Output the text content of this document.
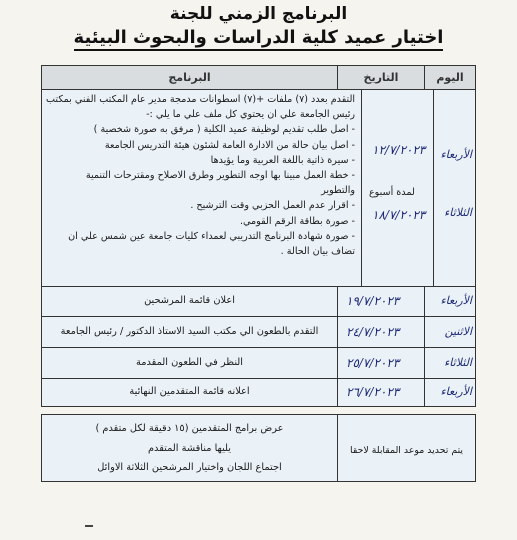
البرنامج الزمني للجنة
اختيار عميد كلية الدراسات والبحوث البيئية
اليوم
التاريخ
البرنامج
الأربعاء
الثلاثاء
١٢/٧/٢٠٢٣
لمدة أسبوع
١٨/٧/٢٠٢٣
التقدم بعدد (٧) ملفات +(٧) اسطوانات مدمجة مدير عام المكتب الفني بمكتب
رئيس الجامعة علي ان يحتوي كل ملف علي ما يلي :-
- اصل طلب تقديم لوظيفة عميد الكلية ( مرفق به صورة شخصية )
- اصل بيان حالة من الادارة العامة لشئون هيئة التدريس الجامعة
- سيرة ذاتية باللغة العربية وما يؤيدها
- خطة العمل مبينا بها اوجه التطوير وطرق الاصلاح ومقترحات التنمية
والتطوير
- اقرار عدم العمل الحزبي وقت الترشيح .
- صورة بطاقة الرقم القومي.
- صورة شهادة البرنامج التدريبي لعمداء كليات جامعة عين شمس علي ان
تضاف بيان الحالة .
الأربعاء
١٩/٧/٢٠٢٣
اعلان قائمة المرشحين
الاثنين
٢٤/٧/٢٠٢٣
التقدم بالطعون الي مكتب السيد الاستاذ الدكتور / رئيس الجامعة
الثلاثاء
٢٥/٧/٢٠٢٣
النظر في الطعون المقدمة
الأربعاء
٢٦/٧/٢٠٢٣
اعلانه قائمة المتقدمين النهائية
يتم تحديد موعد المقابلة لاحقا
عرض برامج المتقدمين (١٥ دقيقة لكل متقدم )
يليها مناقشة المتقدم
اجتماع اللجان واختيار المرشحين الثلاثة الاوائل
